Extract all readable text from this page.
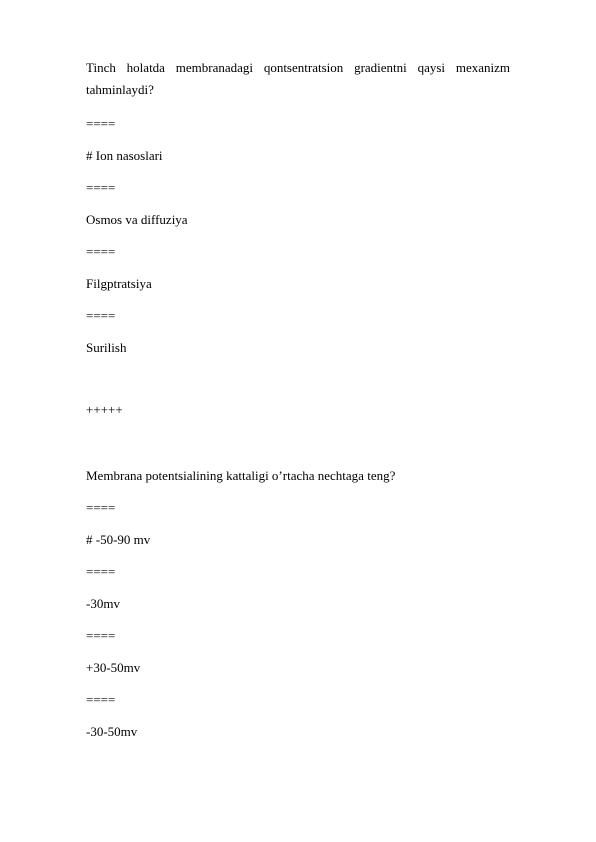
Tinch holatda membranadagi qontsentratsion gradientni qaysi mexanizm
tahminlaydi?
====
# Ion nasoslari
====
Osmos va diffuziya
====
Filgptratsiya
====
Surilish
+++++
Membrana potentsialining kattaligi o’rtacha nechtaga teng?
====
# -50-90 mv
====
-30mv
====
+30-50mv
====
-30-50mv
